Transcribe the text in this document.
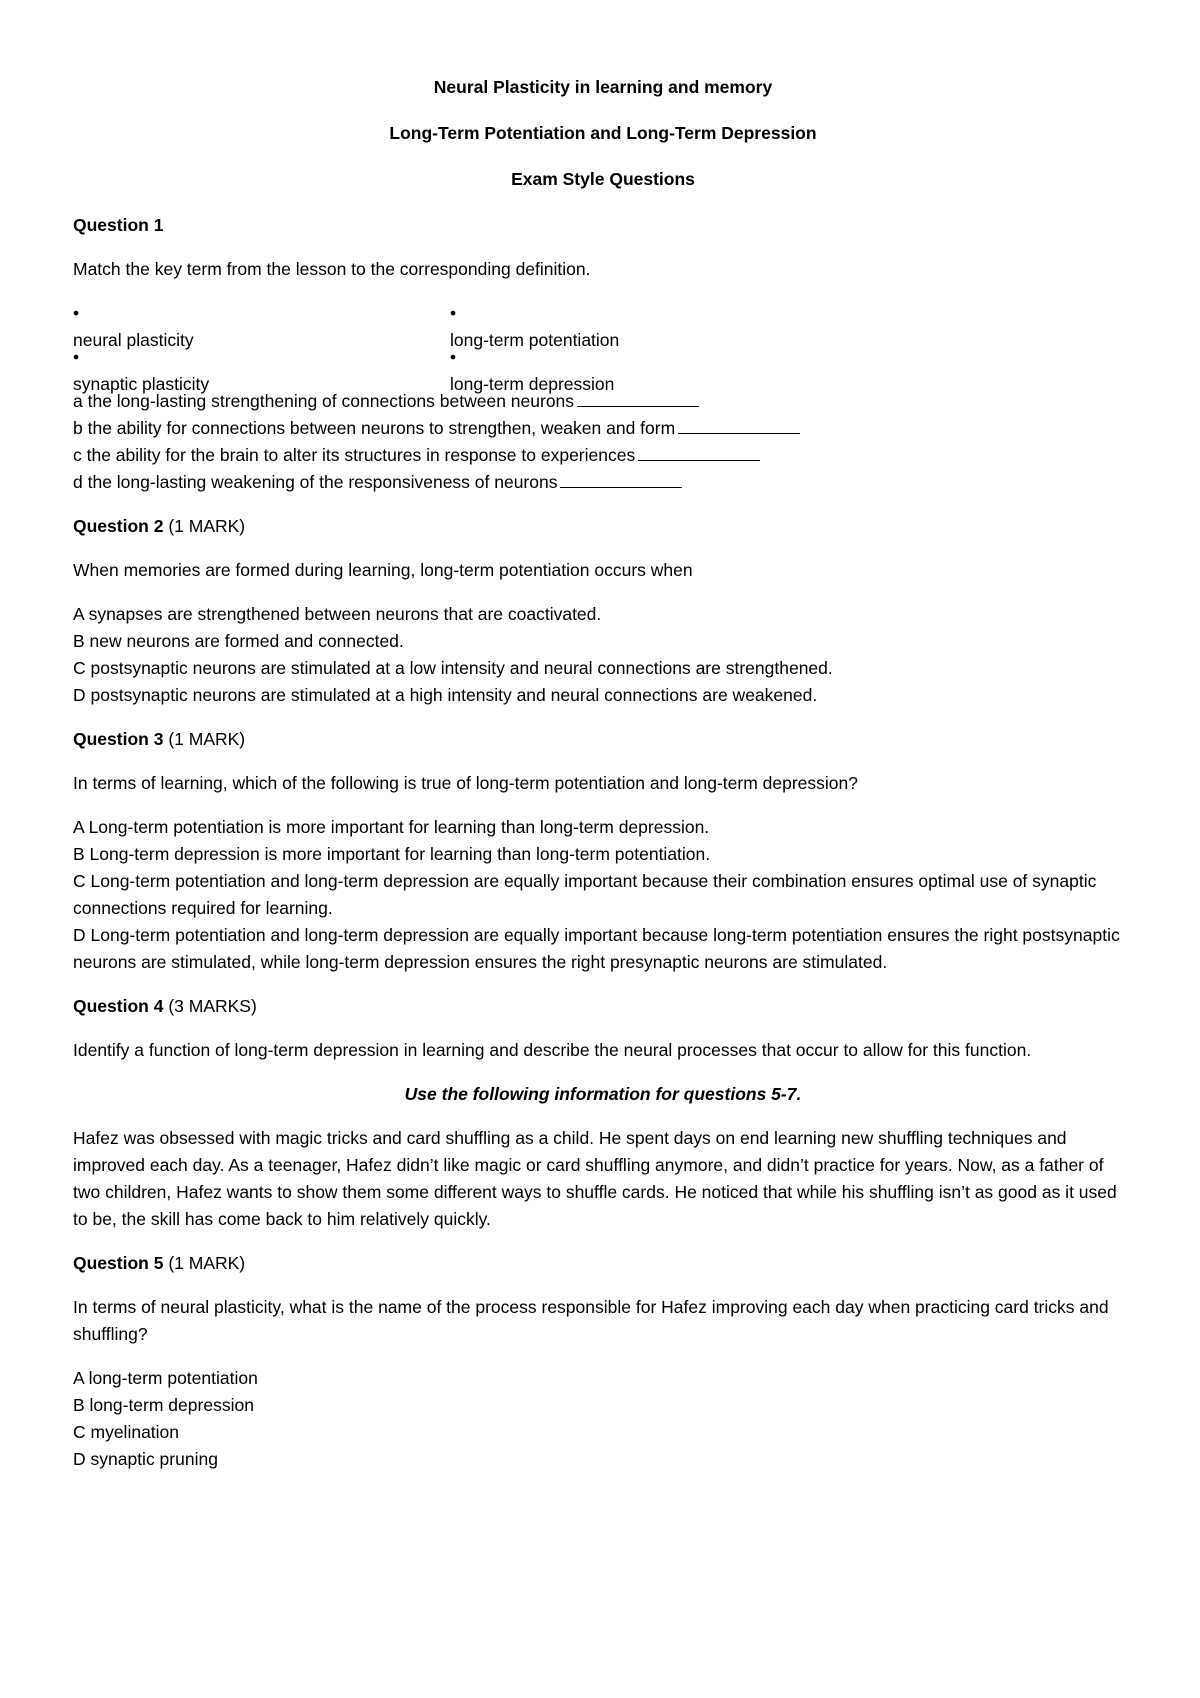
Neural Plasticity in learning and memory

Long-Term Potentiation and Long-Term Depression

Exam Style Questions

Question 1

Match the key term from the lesson to the corresponding definition.

•
neural plasticity
•
long-term potentiation
•
synaptic plasticity
•
long-term depression
a the long-lasting strengthening of connections between neurons
b the ability for connections between neurons to strengthen, weaken and form
c the ability for the brain to alter its structures in response to experiences
d the long-lasting weakening of the responsiveness of neurons

Question 2 (1 MARK)

When memories are formed during learning, long-term potentiation occurs when

A synapses are strengthened between neurons that are coactivated.
B new neurons are formed and connected.
C postsynaptic neurons are stimulated at a low intensity and neural connections are strengthened.
D postsynaptic neurons are stimulated at a high intensity and neural connections are weakened.

Question 3 (1 MARK)

In terms of learning, which of the following is true of long-term potentiation and long-term depression?

A Long-term potentiation is more important for learning than long-term depression.
B Long-term depression is more important for learning than long-term potentiation.
C Long-term potentiation and long-term depression are equally important because their combination ensures optimal use of synaptic connections required for learning.
D Long-term potentiation and long-term depression are equally important because long-term potentiation ensures the right postsynaptic neurons are stimulated, while long-term depression ensures the right presynaptic neurons are stimulated.

Question 4 (3 MARKS)

Identify a function of long-term depression in learning and describe the neural processes that occur to allow for this function.

Use the following information for questions 5-7.

Hafez was obsessed with magic tricks and card shuffling as a child. He spent days on end learning new shuffling techniques and improved each day. As a teenager, Hafez didn’t like magic or card shuffling anymore, and didn’t practice for years. Now, as a father of two children, Hafez wants to show them some different ways to shuffle cards. He noticed that while his shuffling isn’t as good as it used to be, the skill has come back to him relatively quickly.

Question 5 (1 MARK)

In terms of neural plasticity, what is the name of the process responsible for Hafez improving each day when practicing card tricks and shuffling?

A long-term potentiation
B long-term depression
C myelination
D synaptic pruning
